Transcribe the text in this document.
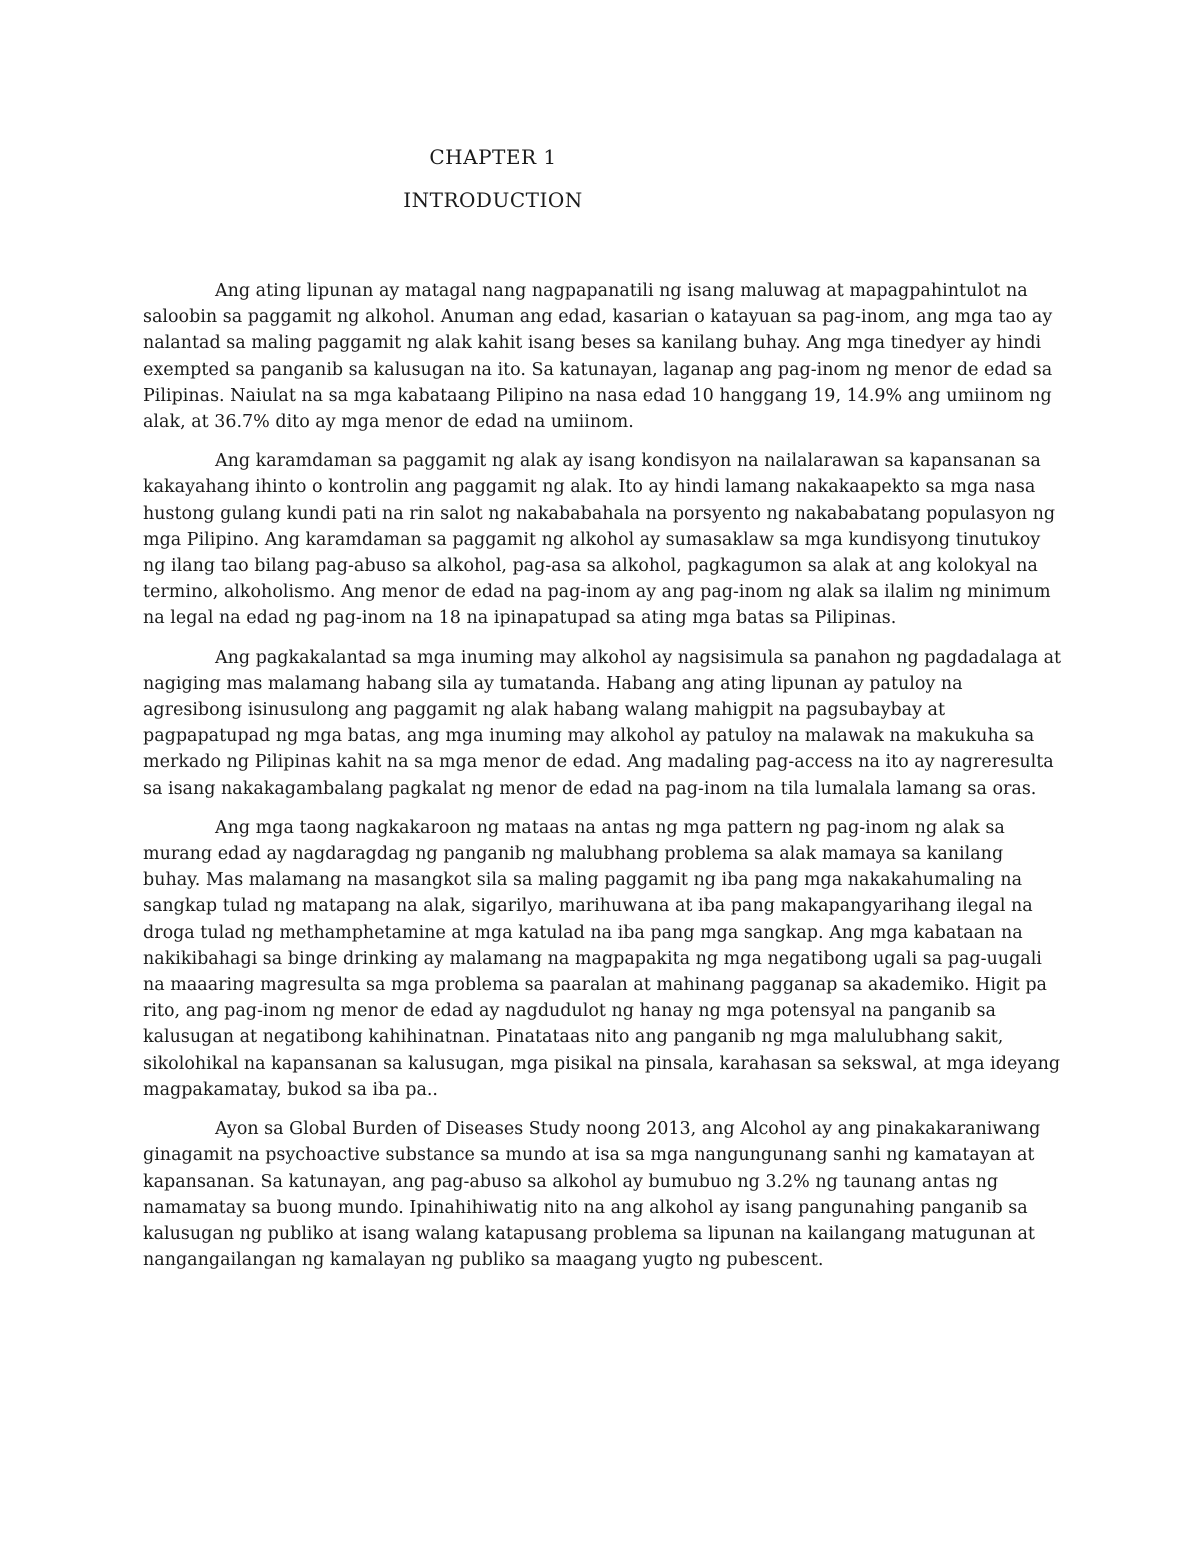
CHAPTER 1
INTRODUCTION

Ang ating lipunan ay matagal nang nagpapanatili ng isang maluwag at mapagpahintulot na saloobin sa paggamit ng alkohol. Anuman ang edad, kasarian o katayuan sa pag-inom, ang mga tao ay nalantad sa maling paggamit ng alak kahit isang beses sa kanilang buhay. Ang mga tinedyer ay hindi exempted sa panganib sa kalusugan na ito. Sa katunayan, laganap ang pag-inom ng menor de edad sa Pilipinas. Naiulat na sa mga kabataang Pilipino na nasa edad 10 hanggang 19, 14.9% ang umiinom ng alak, at 36.7% dito ay mga menor de edad na umiinom.

Ang karamdaman sa paggamit ng alak ay isang kondisyon na nailalarawan sa kapansanan sa kakayahang ihinto o kontrolin ang paggamit ng alak. Ito ay hindi lamang nakakaapekto sa mga nasa hustong gulang kundi pati na rin salot ng nakababahala na porsyento ng nakababatang populasyon ng mga Pilipino. Ang karamdaman sa paggamit ng alkohol ay sumasaklaw sa mga kundisyong tinutukoy ng ilang tao bilang pag-abuso sa alkohol, pag-asa sa alkohol, pagkagumon sa alak at ang kolokyal na termino, alkoholismo. Ang menor de edad na pag-inom ay ang pag-inom ng alak sa ilalim ng minimum na legal na edad ng pag-inom na 18 na ipinapatupad sa ating mga batas sa Pilipinas.

Ang pagkakalantad sa mga inuming may alkohol ay nagsisimula sa panahon ng pagdadalaga at nagiging mas malamang habang sila ay tumatanda. Habang ang ating lipunan ay patuloy na agresibong isinusulong ang paggamit ng alak habang walang mahigpit na pagsubaybay at pagpapatupad ng mga batas, ang mga inuming may alkohol ay patuloy na malawak na makukuha sa merkado ng Pilipinas kahit na sa mga menor de edad. Ang madaling pag-access na ito ay nagreresulta sa isang nakakagambalang pagkalat ng menor de edad na pag-inom na tila lumalala lamang sa oras.

Ang mga taong nagkakaroon ng mataas na antas ng mga pattern ng pag-inom ng alak sa murang edad ay nagdaragdag ng panganib ng malubhang problema sa alak mamaya sa kanilang buhay. Mas malamang na masangkot sila sa maling paggamit ng iba pang mga nakakahumaling na sangkap tulad ng matapang na alak, sigarilyo, marihuwana at iba pang makapangyarihang ilegal na droga tulad ng methamphetamine at mga katulad na iba pang mga sangkap. Ang mga kabataan na nakikibahagi sa binge drinking ay malamang na magpapakita ng mga negatibong ugali sa pag-uugali na maaaring magresulta sa mga problema sa paaralan at mahinang pagganap sa akademiko. Higit pa rito, ang pag-inom ng menor de edad ay nagdudulot ng hanay ng mga potensyal na panganib sa kalusugan at negatibong kahihinatnan. Pinatataas nito ang panganib ng mga malulubhang sakit, sikolohikal na kapansanan sa kalusugan, mga pisikal na pinsala, karahasan sa sekswal, at mga ideyang magpakamatay, bukod sa iba pa..

Ayon sa Global Burden of Diseases Study noong 2013, ang Alcohol ay ang pinakakaraniwang ginagamit na psychoactive substance sa mundo at isa sa mga nangungunang sanhi ng kamatayan at kapansanan. Sa katunayan, ang pag-abuso sa alkohol ay bumubuo ng 3.2% ng taunang antas ng namamatay sa buong mundo. Ipinahihiwatig nito na ang alkohol ay isang pangunahing panganib sa kalusugan ng publiko at isang walang katapusang problema sa lipunan na kailangang matugunan at nangangailangan ng kamalayan ng publiko sa maagang yugto ng pubescent.
